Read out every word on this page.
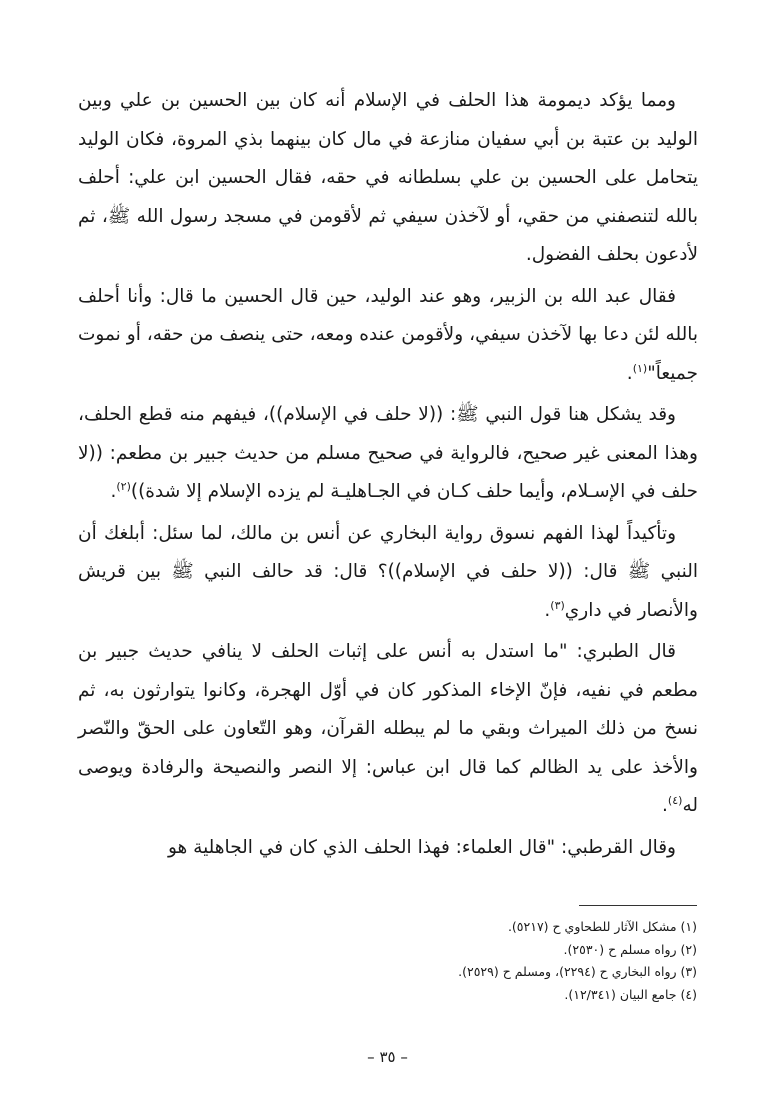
ومما يؤكد ديمومة هذا الحلف في الإسلام أنه كان بين الحسين بن علي وبين الوليد بن عتبة بن أبي سفيان منازعة في مال كان بينهما بذي المروة، فكان الوليد يتحامل على الحسين بن علي بسلطانه في حقه، فقال الحسين ابن علي: أحلف بالله لتنصفني من حقي، أو لآخذن سيفي ثم لأقومن في مسجد رسول الله ﷺ، ثم لأدعون بحلف الفضول.

فقال عبد الله بن الزبير، وهو عند الوليد، حين قال الحسين ما قال: وأنا أحلف بالله لئن دعا بها لآخذن سيفي، ولأقومن عنده ومعه، حتى ينصف من حقه، أو نموت جميعاً"$^{(١)}$.

وقد يشكل هنا قول النبي ﷺ: ((لا حلف في الإسلام))، فيفهم منه قطع الحلف، وهذا المعنى غير صحيح، فالرواية في صحيح مسلم من حديث جبير بن مطعم: ((لا حلف في الإسـلام، وأيما حلف كـان في الجـاهليـة لم يزده الإسلام إلا شدة))$^{(٢)}$.

وتأكيداً لهذا الفهم نسوق رواية البخاري عن أنس بن مالك، لما سئل: أبلغك أن النبي ﷺ قال: ((لا حلف في الإسلام))؟ قال: قد حالف النبي ﷺ بين قريش والأنصار في داري$^{(٣)}$.

قال الطبري: "ما استدل به أنس على إثبات الحلف لا ينافي حديث جبير بن مطعم في نفيه، فإنّ الإخاء المذكور كان في أوّل الهجرة، وكانوا يتوارثون به، ثم نسخ من ذلك الميراث وبقي ما لم يبطله القرآن، وهو التّعاون على الحقّ والنّصر والأخذ على يد الظالم كما قال ابن عباس: إلا النصر والنصيحة والرفادة ويوصى له$^{(٤)}$.

وقال القرطبي: "قال العلماء: فهذا الحلف الذي كان في الجاهلية هو

(١) مشكل الآثار للطحاوي ح (٥٢١٧).
(٢) رواه مسلم ح (٢٥٣٠).
(٣) رواه البخاري ح (٢٢٩٤)، ومسلم ح (٢٥٢٩).
(٤) جامع البيان (١٢/٣٤١).
– ٣٥ –
